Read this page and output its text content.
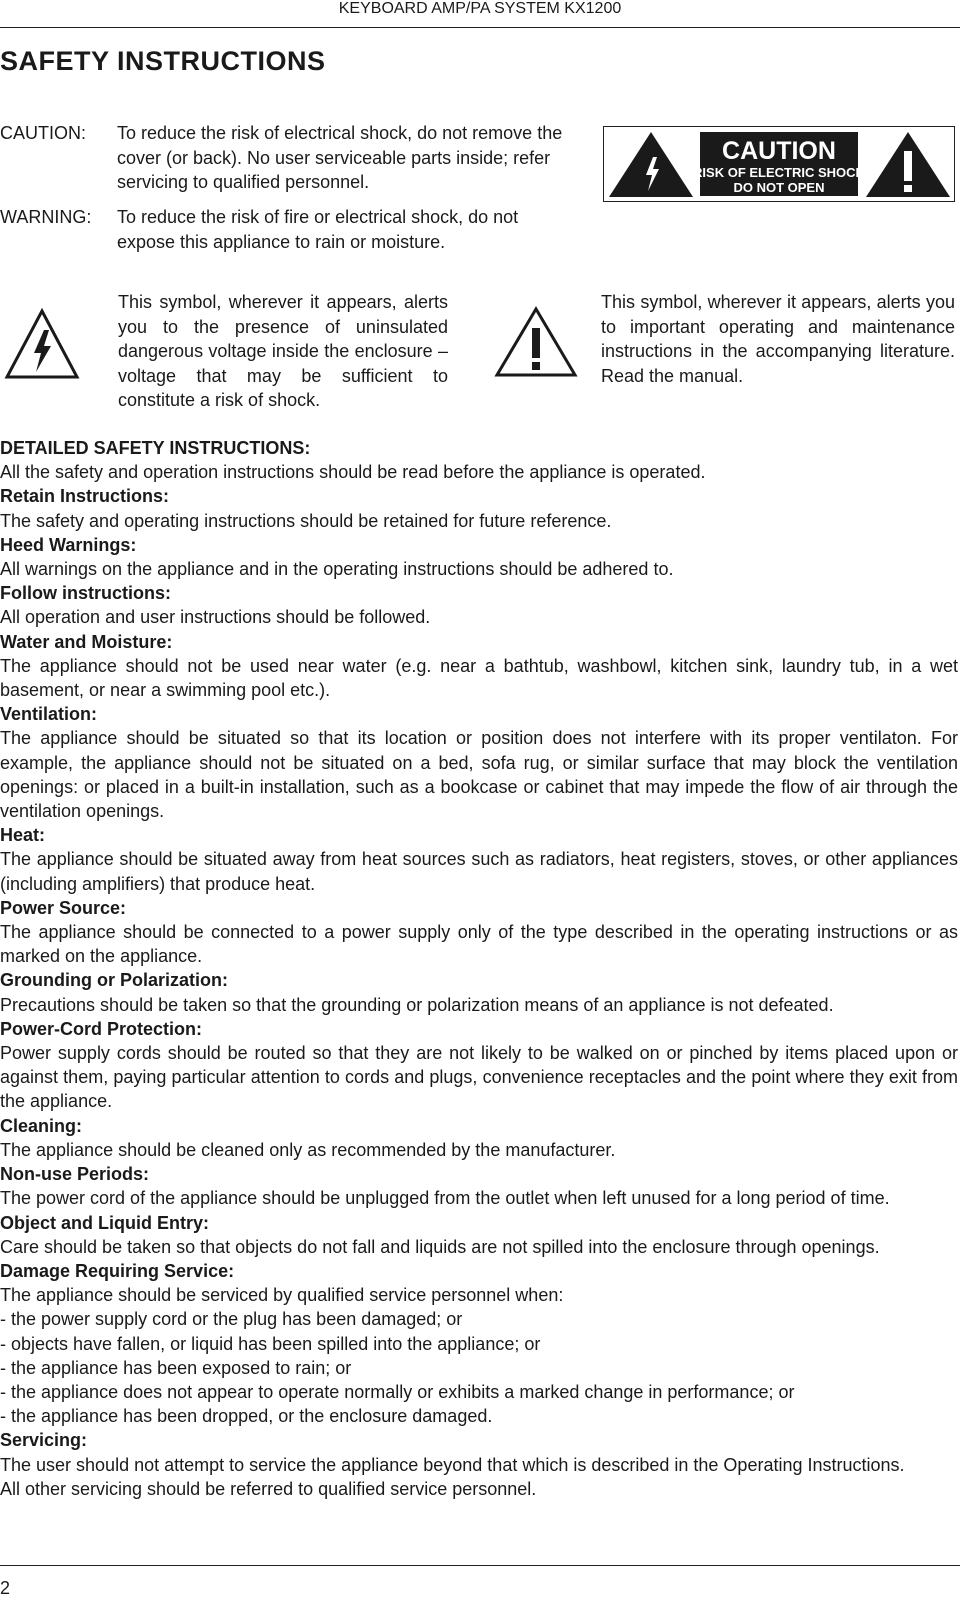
KEYBOARD AMP/PA SYSTEM KX1200
SAFETY INSTRUCTIONS
CAUTION: To reduce the risk of electrical shock, do not remove the cover (or back). No user serviceable parts inside; refer servicing to qualified personnel.
WARNING: To reduce the risk of fire or electrical shock, do not expose this appliance to rain or moisture.
CAUTION
RISK OF ELECTRIC SHOCK
DO NOT OPEN
This symbol, wherever it appears, alerts you to the presence of uninsulated dangerous voltage inside the enclosure – voltage that may be sufficient to constitute a risk of shock.
This symbol, wherever it appears, alerts you to important operating and maintenance instructions in the accompanying literature. Read the manual.
DETAILED SAFETY INSTRUCTIONS:

All the safety and operation instructions should be read before the appliance is operated.

Retain Instructions:

The safety and operating instructions should be retained for future reference.

Heed Warnings:

All warnings on the appliance and in the operating instructions should be adhered to.

Follow instructions:

All operation and user instructions should be followed.

Water and Moisture:

The appliance should not be used near water (e.g. near a bathtub, washbowl, kitchen sink, laundry tub, in a wet basement, or near a swimming pool etc.).

Ventilation:

The appliance should be situated so that its location or position does not interfere with its proper ventilaton. For example, the appliance should not be situated on a bed, sofa rug, or similar surface that may block the ventilation openings: or placed in a built-in installation, such as a bookcase or cabinet that may impede the flow of air through the ventilation openings.

Heat:

The appliance should be situated away from heat sources such as radiators, heat registers, stoves, or other appliances (including amplifiers) that produce heat.

Power Source:

The appliance should be connected to a power supply only of the type described in the operating instructions or as marked on the appliance.

Grounding or Polarization:

Precautions should be taken so that the grounding or polarization means of an appliance is not defeated.

Power-Cord Protection:

Power supply cords should be routed so that they are not likely to be walked on or pinched by items placed upon or against them, paying particular attention to cords and plugs, convenience receptacles and the point where they exit from the appliance.

Cleaning:

The appliance should be cleaned only as recommended by the manufacturer.

Non-use Periods:

The power cord of the appliance should be unplugged from the outlet when left unused for a long period of time.

Object and Liquid Entry:

Care should be taken so that objects do not fall and liquids are not spilled into the enclosure through openings.

Damage Requiring Service:

The appliance should be serviced by qualified service personnel when:

- the power supply cord or the plug has been damaged; or

- objects have fallen, or liquid has been spilled into the appliance; or

- the appliance has been exposed to rain; or

- the appliance does not appear to operate normally or exhibits a marked change in performance; or

- the appliance has been dropped, or the enclosure damaged.

Servicing:

The user should not attempt to service the appliance beyond that which is described in the Operating Instructions.

All other servicing should be referred to qualified service personnel.

2
